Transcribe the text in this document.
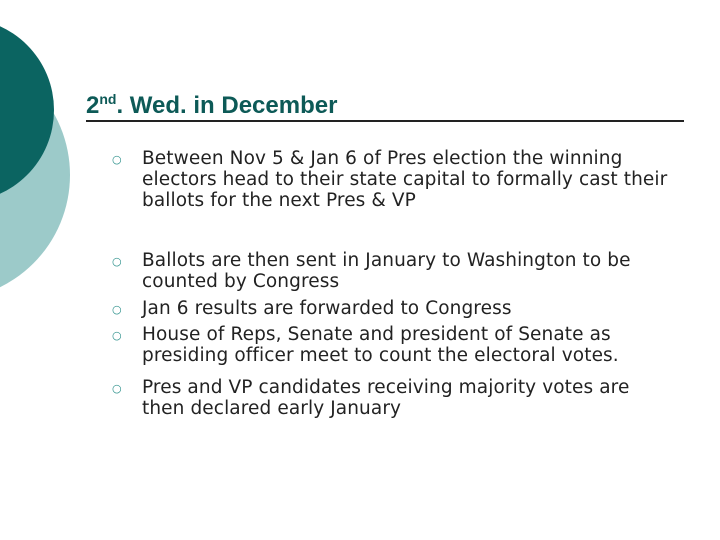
2nd. Wed. in December
○	Between Nov 5 & Jan 6 of Pres election the winning electors head to their state capital to formally cast their ballots for the next Pres & VP
○	Ballots are then sent in January to Washington to be counted by Congress
○	Jan 6 results are forwarded to Congress
○	House of Reps, Senate and president of Senate as presiding officer meet to count the electoral votes.
○	Pres and VP candidates receiving majority votes are then declared early January
